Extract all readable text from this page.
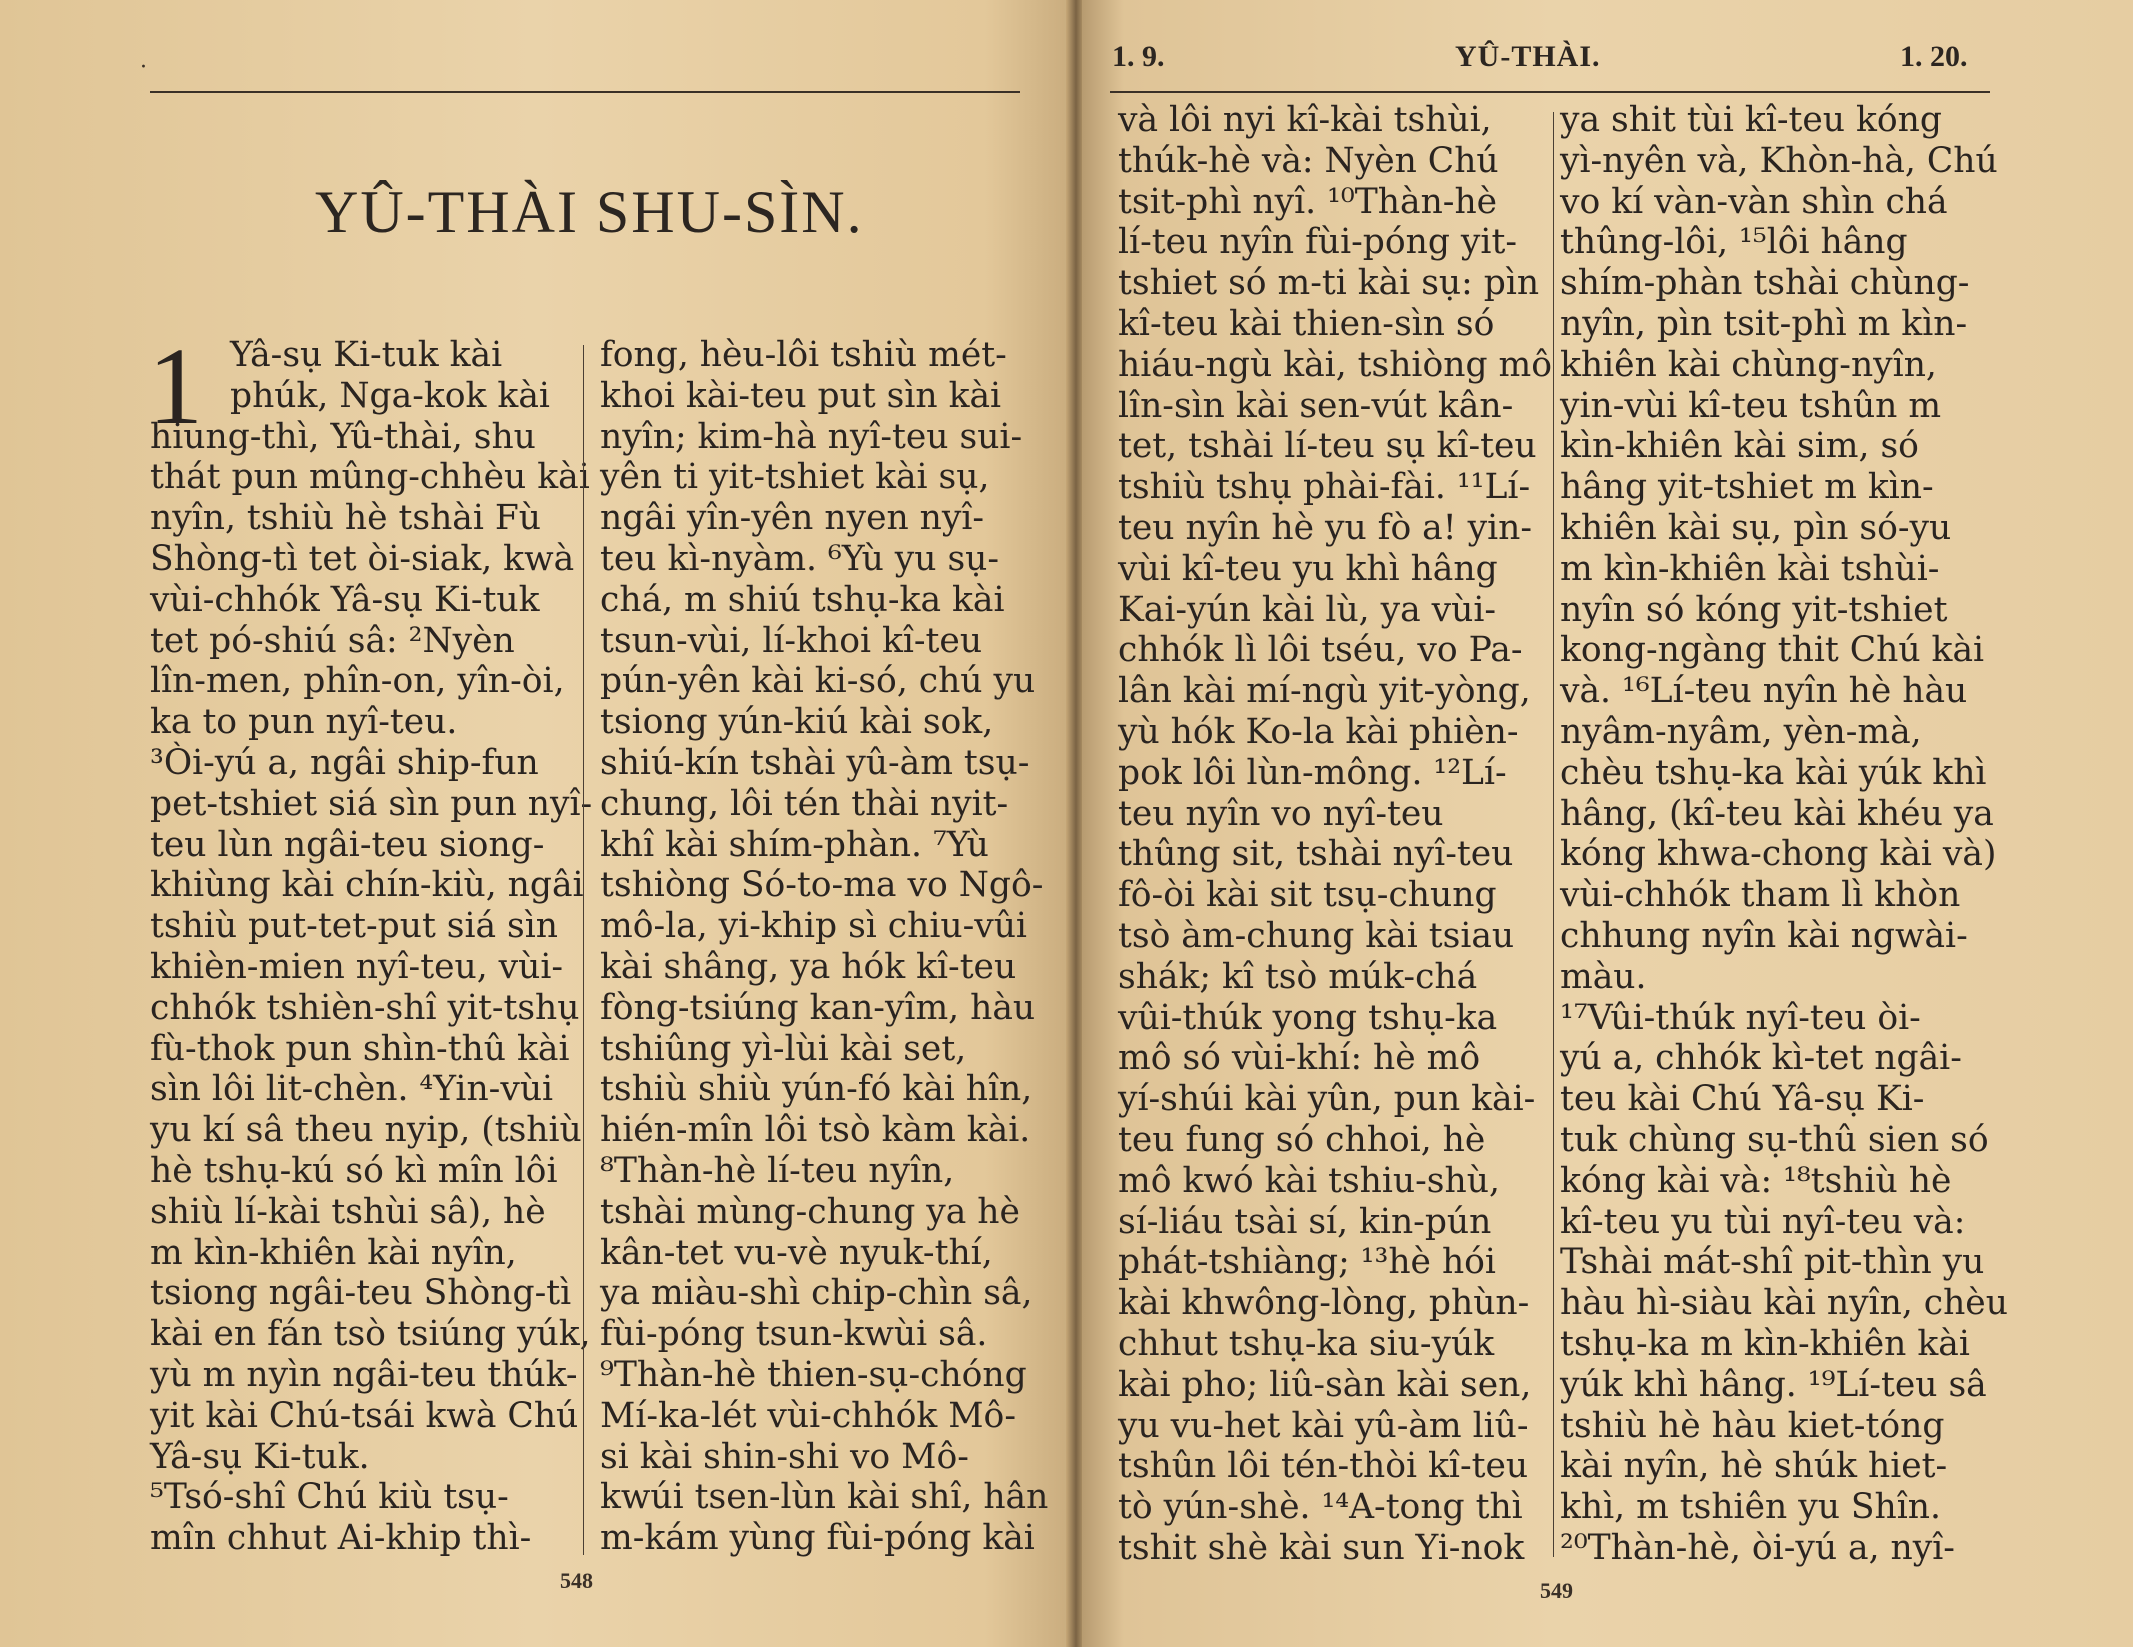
·
YÛ-THÀI SHU-SÌN.
1 Yâ-sụ Ki-tuk kài
phúk, Nga-kok kài
hiung-thì, Yû-thài, shu
thát pun mûng-chhèu kài
nyîn, tshiù hè tshài Fù
Shòng-tì tet òi-siak, kwà
vùi-chhók Yâ-sụ Ki-tuk
tet pó-shiú sâ: ²Nyèn
lîn-men, phîn-on, yîn-òi,
ka to pun nyî-teu.
³Òi-yú a, ngâi ship-fun
pet-tshiet siá sìn pun nyî-
teu lùn ngâi-teu siong-
khiùng kài chín-kiù, ngâi
tshiù put-tet-put siá sìn
khièn-mien nyî-teu, vùi-
chhók tshièn-shî yit-tshụ
fù-thok pun shìn-thû kài
sìn lôi lit-chèn. ⁴Yin-vùi
yu kí sâ theu nyip, (tshiù
hè tshụ-kú só kì mîn lôi
shiù lí-kài tshùi sâ), hè
m kìn-khiên kài nyîn,
tsiong ngâi-teu Shòng-tì
kài en fán tsò tsiúng yúk,
yù m nyìn ngâi-teu thúk-
yit kài Chú-tsái kwà Chú
Yâ-sụ Ki-tuk.
⁵Tsó-shî Chú kiù tsụ-
mîn chhut Ai-khip thì-
fong, hèu-lôi tshiù mét-
khoi kài-teu put sìn kài
nyîn; kim-hà nyî-teu sui-
yên ti yit-tshiet kài sụ,
ngâi yîn-yên nyen nyî-
teu kì-nyàm. ⁶Yù yu sụ-
chá, m shiú tshụ-ka kài
tsun-vùi, lí-khoi kî-teu
pún-yên kài ki-só, chú yu
tsiong yún-kiú kài sok,
shiú-kín tshài yû-àm tsụ-
chung, lôi tén thài nyit-
khî kài shím-phàn. ⁷Yù
tshiòng Só-to-ma vo Ngô-
mô-la, yi-khip sì chiu-vûi
kài shâng, ya hók kî-teu
fòng-tsiúng kan-yîm, hàu
tshiûng yì-lùi kài set,
tshiù shiù yún-fó kài hîn,
hién-mîn lôi tsò kàm kài.
⁸Thàn-hè lí-teu nyîn,
tshài mùng-chung ya hè
kân-tet vu-vè nyuk-thí,
ya miàu-shì chip-chìn sâ,
fùi-póng tsun-kwùi sâ.
⁹Thàn-hè thien-sụ-chóng
Mí-ka-lét vùi-chhók Mô-
si kài shin-shi vo Mô-
kwúi tsen-lùn kài shî, hân
m-kám yùng fùi-póng kài
548
1. 9.	YÛ-THÀI.	1. 20.
và lôi nyi kî-kài tshùi,
thúk-hè và: Nyèn Chú
tsit-phì nyî. ¹⁰Thàn-hè
lí-teu nyîn fùi-póng yit-
tshiet só m-ti kài sụ: pìn
kî-teu kài thien-sìn só
hiáu-ngù kài, tshiòng mô
lîn-sìn kài sen-vút kân-
tet, tshài lí-teu sụ kî-teu
tshiù tshụ phài-fài. ¹¹Lí-
teu nyîn hè yu fò a! yin-
vùi kî-teu yu khì hâng
Kai-yún kài lù, ya vùi-
chhók lì lôi tséu, vo Pa-
lân kài mí-ngù yit-yòng,
yù hók Ko-la kài phièn-
pok lôi lùn-mông. ¹²Lí-
teu nyîn vo nyî-teu
thûng sit, tshài nyî-teu
fô-òi kài sit tsụ-chung
tsò àm-chung kài tsiau
shák; kî tsò múk-chá
vûi-thúk yong tshụ-ka
mô só vùi-khí: hè mô
yí-shúi kài yûn, pun kài-
teu fung só chhoi, hè
mô kwó kài tshiu-shù,
sí-liáu tsài sí, kin-pún
phát-tshiàng; ¹³hè hói
kài khwông-lòng, phùn-
chhut tshụ-ka siu-yúk
kài pho; liû-sàn kài sen,
yu vu-het kài yû-àm liû-
tshûn lôi tén-thòi kî-teu
tò yún-shè. ¹⁴A-tong thì
tshit shè kài sun Yi-nok
ya shit tùi kî-teu kóng
yì-nyên và, Khòn-hà, Chú
vo kí vàn-vàn shìn chá
thûng-lôi, ¹⁵lôi hâng
shím-phàn tshài chùng-
nyîn, pìn tsit-phì m kìn-
khiên kài chùng-nyîn,
yin-vùi kî-teu tshûn m
kìn-khiên kài sim, só
hâng yit-tshiet m kìn-
khiên kài sụ, pìn só-yu
m kìn-khiên kài tshùi-
nyîn só kóng yit-tshiet
kong-ngàng thit Chú kài
và. ¹⁶Lí-teu nyîn hè hàu
nyâm-nyâm, yèn-mà,
chèu tshụ-ka kài yúk khì
hâng, (kî-teu kài khéu ya
kóng khwa-chong kài và)
vùi-chhók tham lì khòn
chhung nyîn kài ngwài-
màu.
¹⁷Vûi-thúk nyî-teu òi-
yú a, chhók kì-tet ngâi-
teu kài Chú Yâ-sụ Ki-
tuk chùng sụ-thû sien só
kóng kài và: ¹⁸tshiù hè
kî-teu yu tùi nyî-teu và:
Tshài mát-shî pit-thìn yu
hàu hì-siàu kài nyîn, chèu
tshụ-ka m kìn-khiên kài
yúk khì hâng. ¹⁹Lí-teu sâ
tshiù hè hàu kiet-tóng
kài nyîn, hè shúk hiet-
khì, m tshiên yu Shîn.
²⁰Thàn-hè, òi-yú a, nyî-
549
